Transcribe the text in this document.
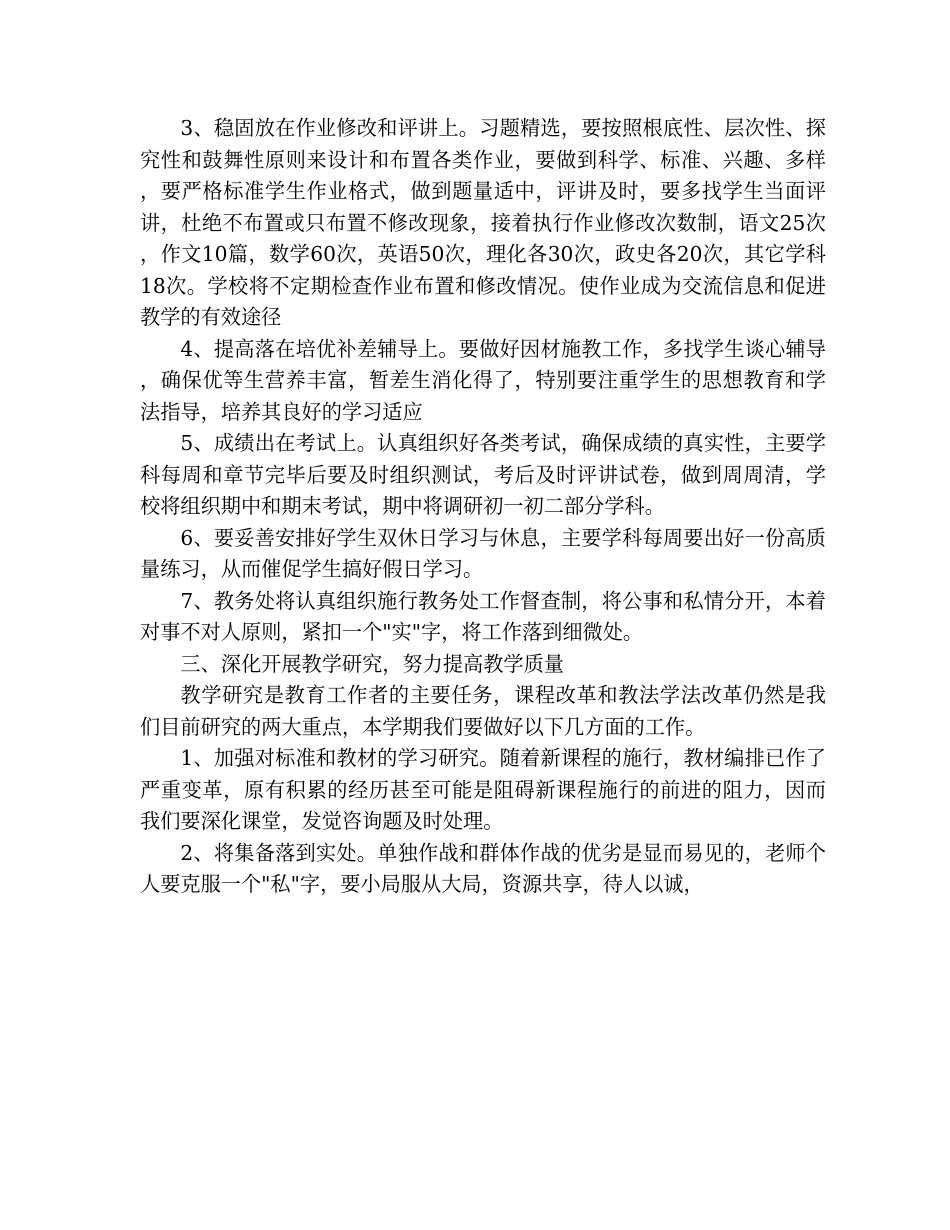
3、稳固放在作业修改和评讲上。习题精选，要按照根底性、层次性、探究性和鼓舞性原则来设计和布置各类作业，要做到科学、标准、兴趣、多样，要严格标准学生作业格式，做到题量适中，评讲及时，要多找学生当面评讲，杜绝不布置或只布置不修改现象，接着执行作业修改次数制，语文25次，作文10篇，数学60次，英语50次，理化各30次，政史各20次，其它学科18次。学校将不定期检查作业布置和修改情况。使作业成为交流信息和促进教学的有效途径

4、提高落在培优补差辅导上。要做好因材施教工作，多找学生谈心辅导，确保优等生营养丰富，暂差生消化得了，特别要注重学生的思想教育和学法指导，培养其良好的学习适应

5、成绩出在考试上。认真组织好各类考试，确保成绩的真实性，主要学科每周和章节完毕后要及时组织测试，考后及时评讲试卷，做到周周清，学校将组织期中和期末考试，期中将调研初一初二部分学科。

6、要妥善安排好学生双休日学习与休息，主要学科每周要出好一份高质量练习，从而催促学生搞好假日学习。

7、教务处将认真组织施行教务处工作督查制，将公事和私情分开，本着对事不对人原则，紧扣一个"实"字，将工作落到细微处。

三、深化开展教学研究，努力提高教学质量

教学研究是教育工作者的主要任务，课程改革和教法学法改革仍然是我们目前研究的两大重点，本学期我们要做好以下几方面的工作。

1、加强对标准和教材的学习研究。随着新课程的施行，教材编排已作了严重变革，原有积累的经历甚至可能是阻碍新课程施行的前进的阻力，因而我们要深化课堂，发觉咨询题及时处理。

2、将集备落到实处。单独作战和群体作战的优劣是显而易见的，老师个人要克服一个"私"字，要小局服从大局，资源共享，待人以诚，
